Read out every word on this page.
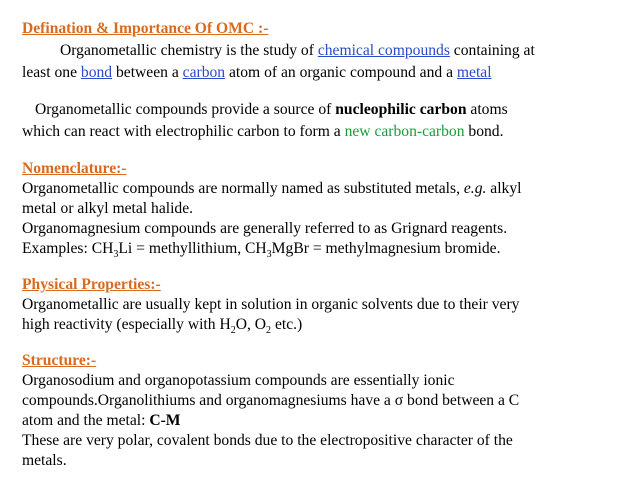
Defination & Importance Of OMC :-
Organometallic chemistry is the study of chemical compounds containing at
least one bond between a carbon atom of an organic compound and a metal
Organometallic compounds provide a source of nucleophilic carbon atoms
which can react with electrophilic carbon to form a new carbon-carbon bond.
Nomenclature:-
Organometallic compounds are normally named as substituted metals, e.g. alkyl
metal or alkyl metal halide.
Organomagnesium compounds are generally referred to as Grignard reagents.
Examples: $CH_3Li$ = methyllithium, $CH_3MgBr$ = methylmagnesium bromide.
Physical Properties:-
Organometallic are usually kept in solution in organic solvents due to their very
high reactivity (especially with $H_2O$, $O_2$ etc.)
Structure:-
Organosodium and organopotassium compounds are essentially ionic
compounds.Organolithiums and organomagnesiums have a σ bond between a C
atom and the metal: C-M
These are very polar, covalent bonds due to the electropositive character of the
metals.
